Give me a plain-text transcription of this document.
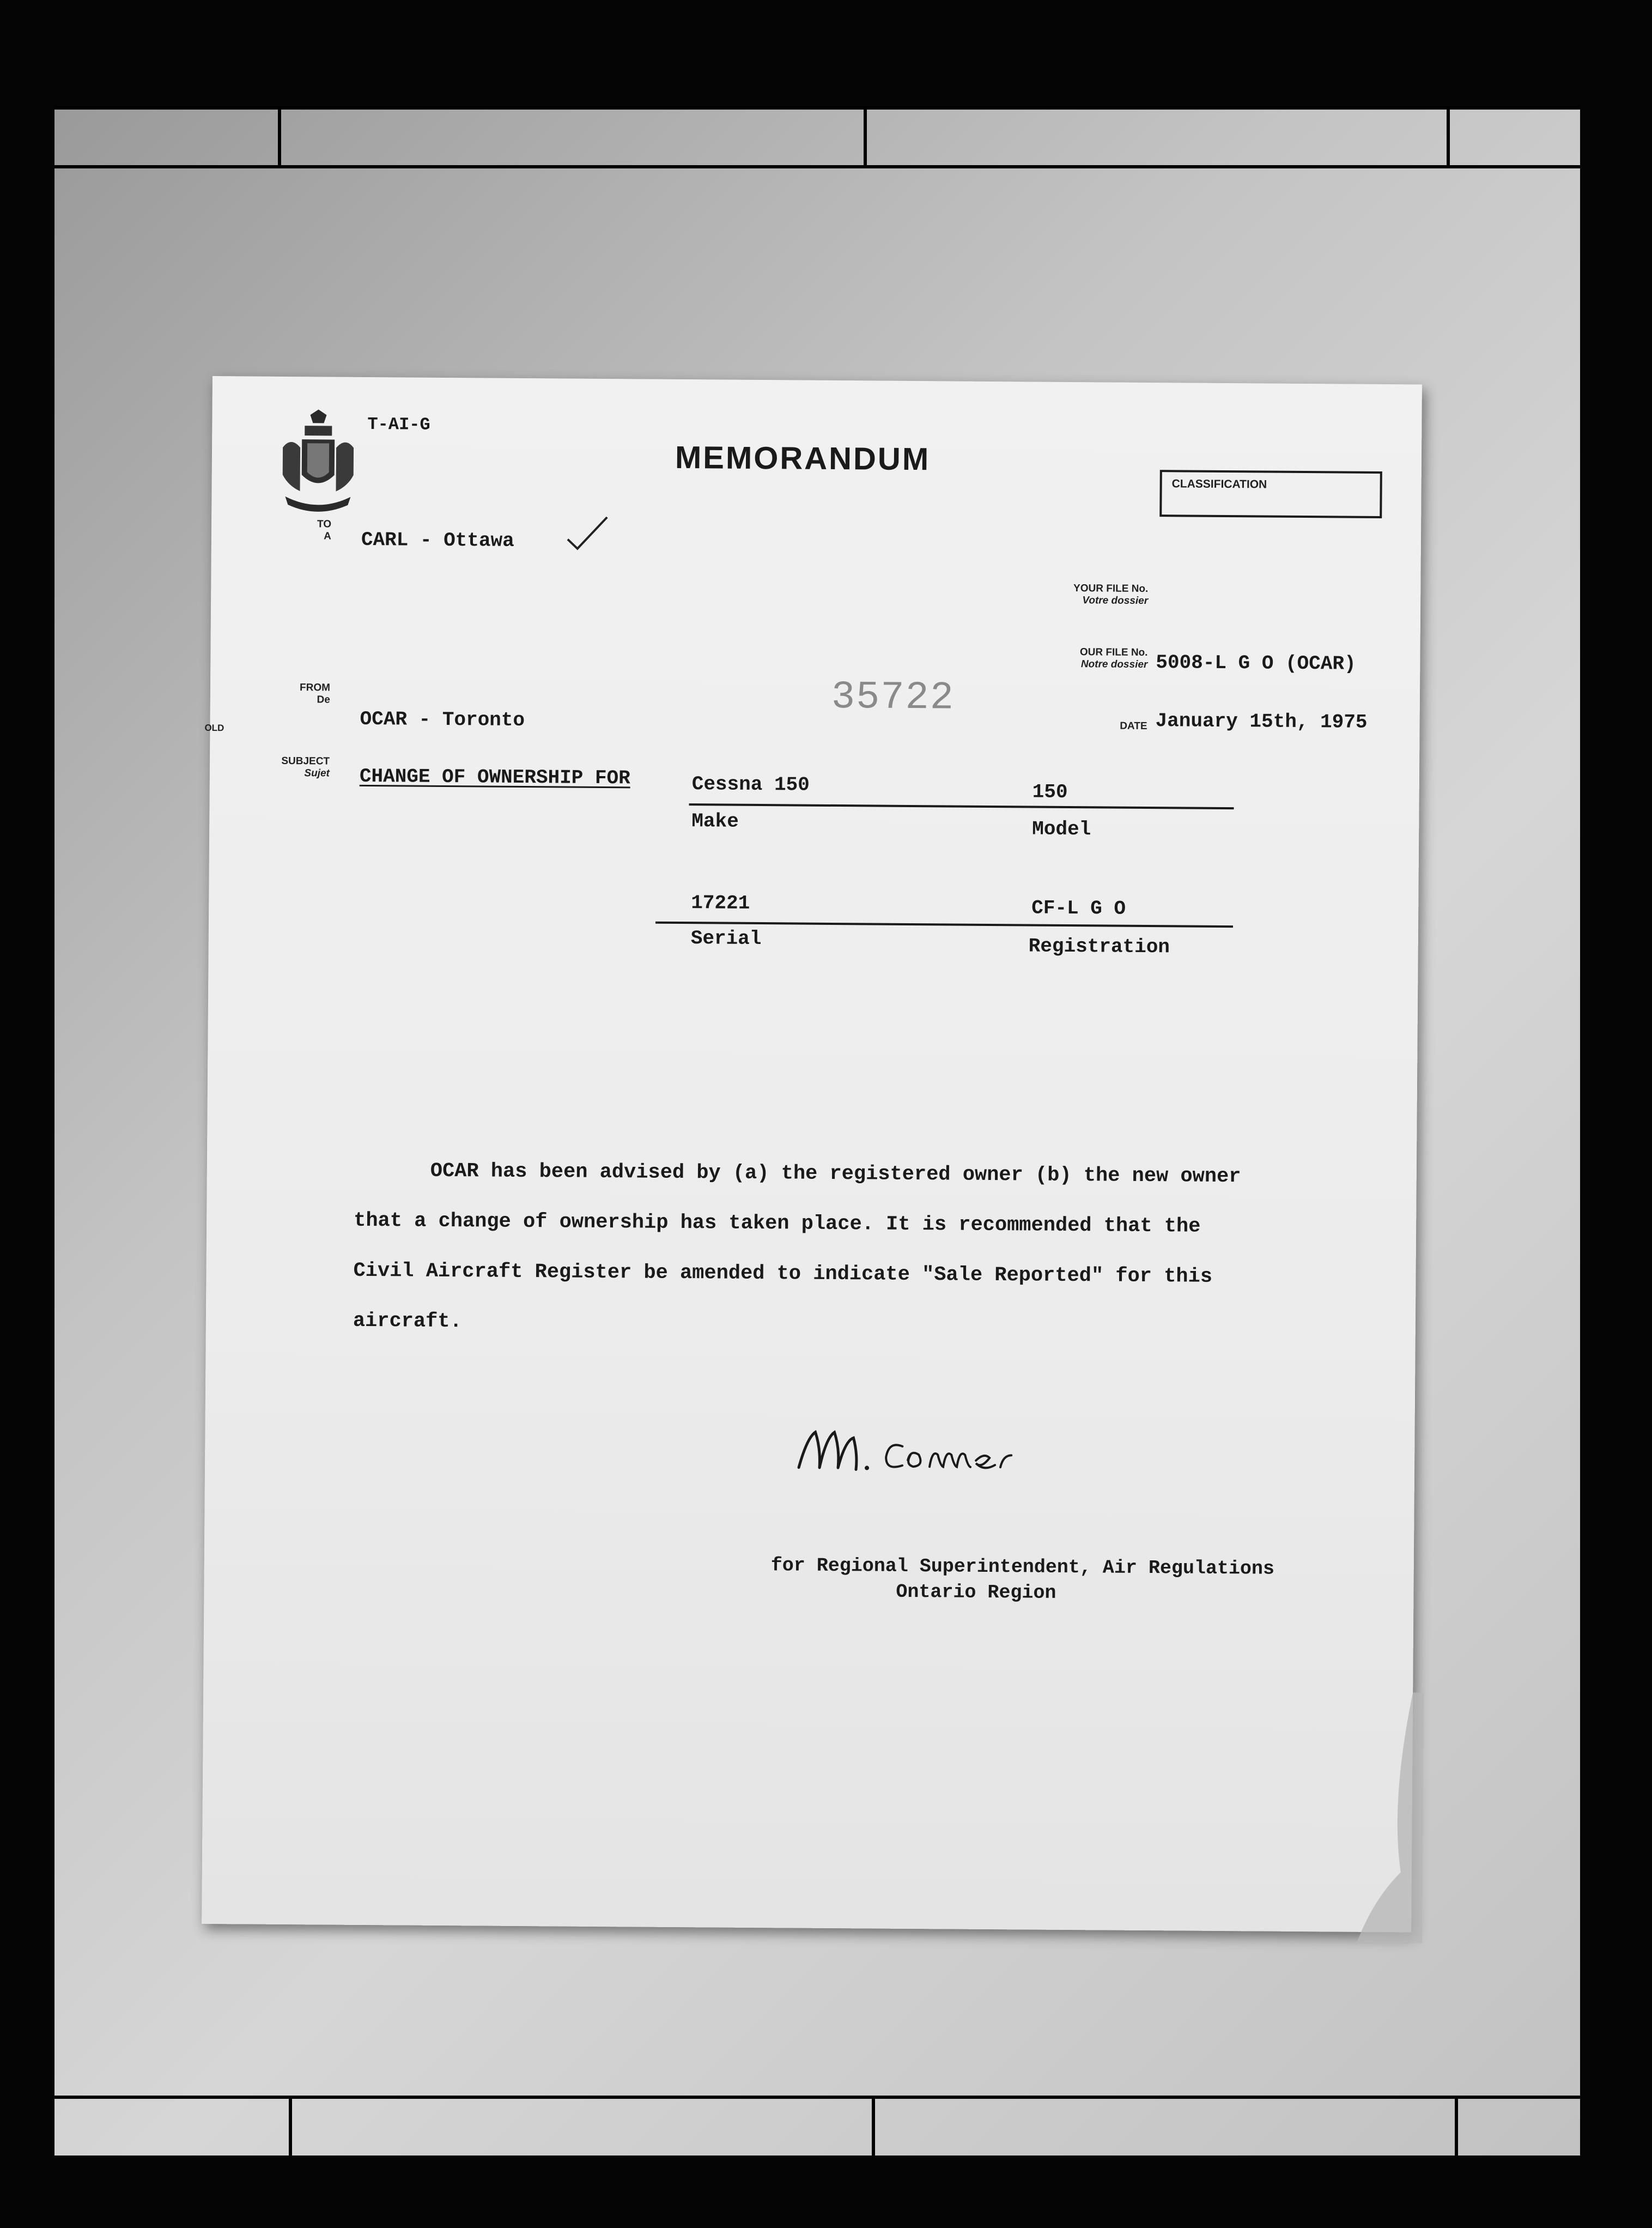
T-AI-G
MEMORANDUM
CLASSIFICATION
TO
A CARL - Ottawa
YOUR FILE No.
Votre dossier
OUR FILE No.
Notre dossier 5008-L G O (OCAR)
FROM
De
OLD	OCAR - Toronto	35722
DATE January 15th, 1975
SUBJECT
Sujet CHANGE OF OWNERSHIP FOR	Cessna 150	150
Make	Model
17221	CF-L G O
Serial	Registration
OCAR has been advised by (a) the registered owner (b) the new owner that a change of ownership has taken place. It is recommended that the Civil Aircraft Register be amended to indicate "Sale Reported" for this aircraft.
for Regional Superintendent, Air Regulations
Ontario Region
